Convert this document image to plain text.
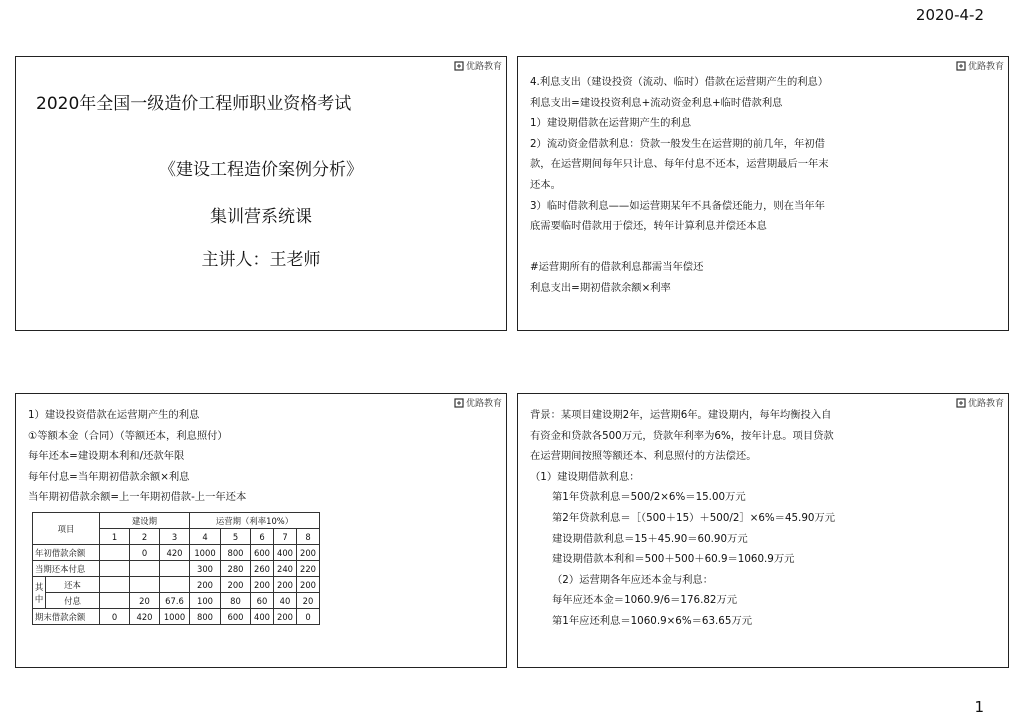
2020-4-2
优路教育
2020年全国一级造价工程师职业资格考试
《建设工程造价案例分析》
集训营系统课
主讲人：王老师
优路教育
4.利息支出（建设投资（流动、临时）借款在运营期产生的利息）
利息支出=建设投资利息+流动资金利息+临时借款利息
1）建设期借款在运营期产生的利息
2）流动资金借款利息：贷款一般发生在运营期的前几年，年初借
款，在运营期间每年只计息、每年付息不还本，运营期最后一年末
还本。
3）临时借款利息——如运营期某年不具备偿还能力，则在当年年
底需要临时借款用于偿还，转年计算利息并偿还本息
#运营期所有的借款利息都需当年偿还
利息支出=期初借款余额×利率
优路教育
1）建设投资借款在运营期产生的利息
①等额本金（合同）（等额还本，利息照付）
每年还本=建设期本利和/还款年限
每年付息=当年期初借款余额×利息
当年期初借款余额=上一年期初借款-上一年还本
项目		建设期			运营期（利率10%）				
		1	2	3	4	5	6	7	8
年初借款余额			0	420	1000	800	600	400	200
当期还本付息					300	280	260	240	220
其中	还本				200	200	200	200	200
	付息		20	67.6	100	80	60	40	20
期末借款余额		0	420	1000	800	600	400	200	0
优路教育
背景：某项目建设期2年，运营期6年。建设期内，每年均衡投入自
有资金和贷款各500万元，贷款年利率为6%，按年计息。项目贷款
在运营期间按照等额还本、利息照付的方法偿还。
（1）建设期借款利息：
第1年贷款利息＝500/2×6%＝15.00万元
第2年贷款利息＝［（500＋15）＋500/2］×6%＝45.90万元
建设期借款利息＝15＋45.90＝60.90万元
建设期借款本利和＝500＋500＋60.9＝1060.9万元
（2）运营期各年应还本金与利息：
每年应还本金＝1060.9/6＝176.82万元
第1年应还利息＝1060.9×6%＝63.65万元
1
